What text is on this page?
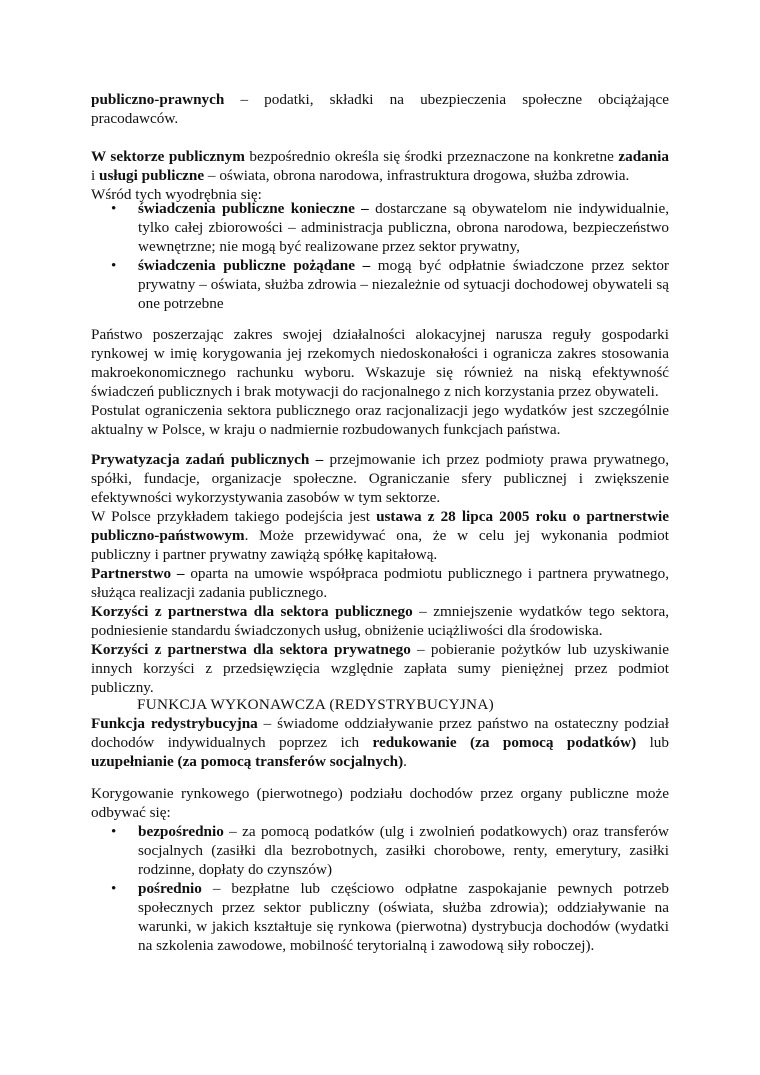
publiczno-prawnych – podatki, składki na ubezpieczenia społeczne obciążające pracodawców.

W sektorze publicznym bezpośrednio określa się środki przeznaczone na konkretne zadania i usługi publiczne – oświata, obrona narodowa, infrastruktura drogowa, służba zdrowia.
Wśród tych wyodrębnia się:

• świadczenia publiczne konieczne – dostarczane są obywatelom nie indywidualnie, tylko całej zbiorowości – administracja publiczna, obrona narodowa, bezpieczeństwo wewnętrzne; nie mogą być realizowane przez sektor prywatny,
• świadczenia publiczne pożądane – mogą być odpłatnie świadczone przez sektor prywatny – oświata, służba zdrowia – niezależnie od sytuacji dochodowej obywateli są one potrzebne

Państwo poszerzając zakres swojej działalności alokacyjnej narusza reguły gospodarki rynkowej w imię korygowania jej rzekomych niedoskonałości i ogranicza zakres stosowania makroekonomicznego rachunku wyboru. Wskazuje się również na niską efektywność świadczeń publicznych i brak motywacji do racjonalnego z nich korzystania przez obywateli.
Postulat ograniczenia sektora publicznego oraz racjonalizacji jego wydatków jest szczególnie aktualny w Polsce, w kraju o nadmiernie rozbudowanych funkcjach państwa.

Prywatyzacja zadań publicznych – przejmowanie ich przez podmioty prawa prywatnego, spółki, fundacje, organizacje społeczne. Ograniczanie sfery publicznej i zwiększenie efektywności wykorzystywania zasobów w tym sektorze.
W Polsce przykładem takiego podejścia jest ustawa z 28 lipca 2005 roku o partnerstwie publiczno-państwowym. Może przewidywać ona, że w celu jej wykonania podmiot publiczny i partner prywatny zawiążą spółkę kapitałową.
Partnerstwo – oparta na umowie współpraca podmiotu publicznego i partnera prywatnego, służąca realizacji zadania publicznego.
Korzyści z partnerstwa dla sektora publicznego – zmniejszenie wydatków tego sektora, podniesienie standardu świadczonych usług, obniżenie uciążliwości dla środowiska.
Korzyści z partnerstwa dla sektora prywatnego – pobieranie pożytków lub uzyskiwanie innych korzyści z przedsięwzięcia względnie zapłata sumy pieniężnej przez podmiot publiczny.

FUNKCJA WYKONAWCZA (REDYSTRYBUCYJNA)

Funkcja redystrybucyjna – świadome oddziaływanie przez państwo na ostateczny podział dochodów indywidualnych poprzez ich redukowanie (za pomocą podatków) lub uzupełnianie (za pomocą transferów socjalnych).

Korygowanie rynkowego (pierwotnego) podziału dochodów przez organy publiczne może odbywać się:

• bezpośrednio – za pomocą podatków (ulg i zwolnień podatkowych) oraz transferów socjalnych (zasiłki dla bezrobotnych, zasiłki chorobowe, renty, emerytury, zasiłki rodzinne, dopłaty do czynszów)
• pośrednio – bezpłatne lub częściowo odpłatne zaspokajanie pewnych potrzeb społecznych przez sektor publiczny (oświata, służba zdrowia); oddziaływanie na warunki, w jakich kształtuje się rynkowa (pierwotna) dystrybucja dochodów (wydatki na szkolenia zawodowe, mobilność terytorialną i zawodową siły roboczej).
